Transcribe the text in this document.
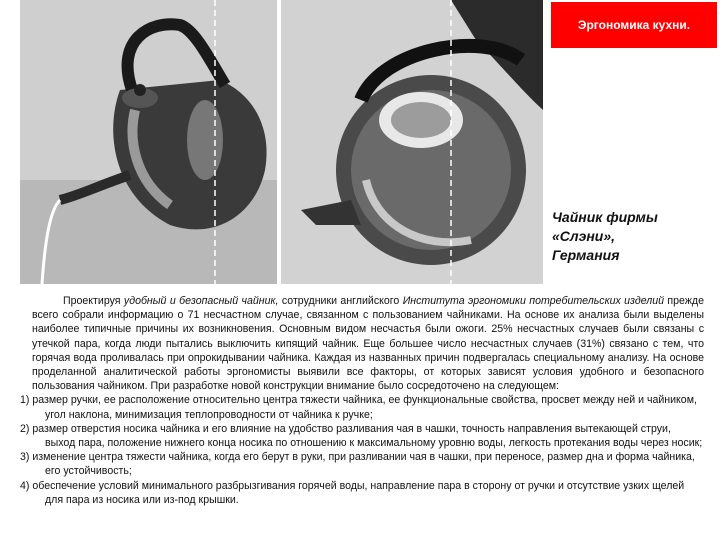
Эргономика кухни.
Чайник фирмы
«Слэни»,
Германия

Проектируя удобный и безопасный чайник, сотрудники английского Института эргономики потребительских изделий прежде всего собрали информацию о 71 несчастном случае, связанном с пользованием чайниками. На основе их анализа были выделены наиболее типичные причины их возникновения. Основным видом несчастья были ожоги. 25% несчастных случаев были связаны с утечкой пара, когда люди пытались выключить кипящий чайник. Еще большее число несчастных случаев (31%) связано с тем, что горячая вода проливалась при опрокидывании чайника. Каждая из названных причин подвергалась специальному анализу. На основе проделанной аналитической работы эргономисты выявили все факторы, от которых зависят условия удобного и безопасного пользования чайником. При разработке новой конструкции внимание было сосредоточено на следующем:

1) размер ручки, ее расположение относительно центра тяжести чайника, ее функциональные свойства, просвет между ней и чайником, угол наклона, минимизация теплопроводности от чайника к ручке;

2) размер отверстия носика чайника и его влияние на удобство разливания чая в чашки, точность направления вытекающей струи, выход пара, положение нижнего конца носика по отношению к максимальному уровню воды, легкость протекания воды через носик;

3) изменение центра тяжести чайника, когда его берут в руки, при разливании чая в чашки, при переносе, размер дна и форма чайника, его устойчивость;

4) обеспечение условий минимального разбрызгивания горячей воды, направление пара в сторону от ручки и отсутствие узких щелей для пара из носика или из-под крышки.
